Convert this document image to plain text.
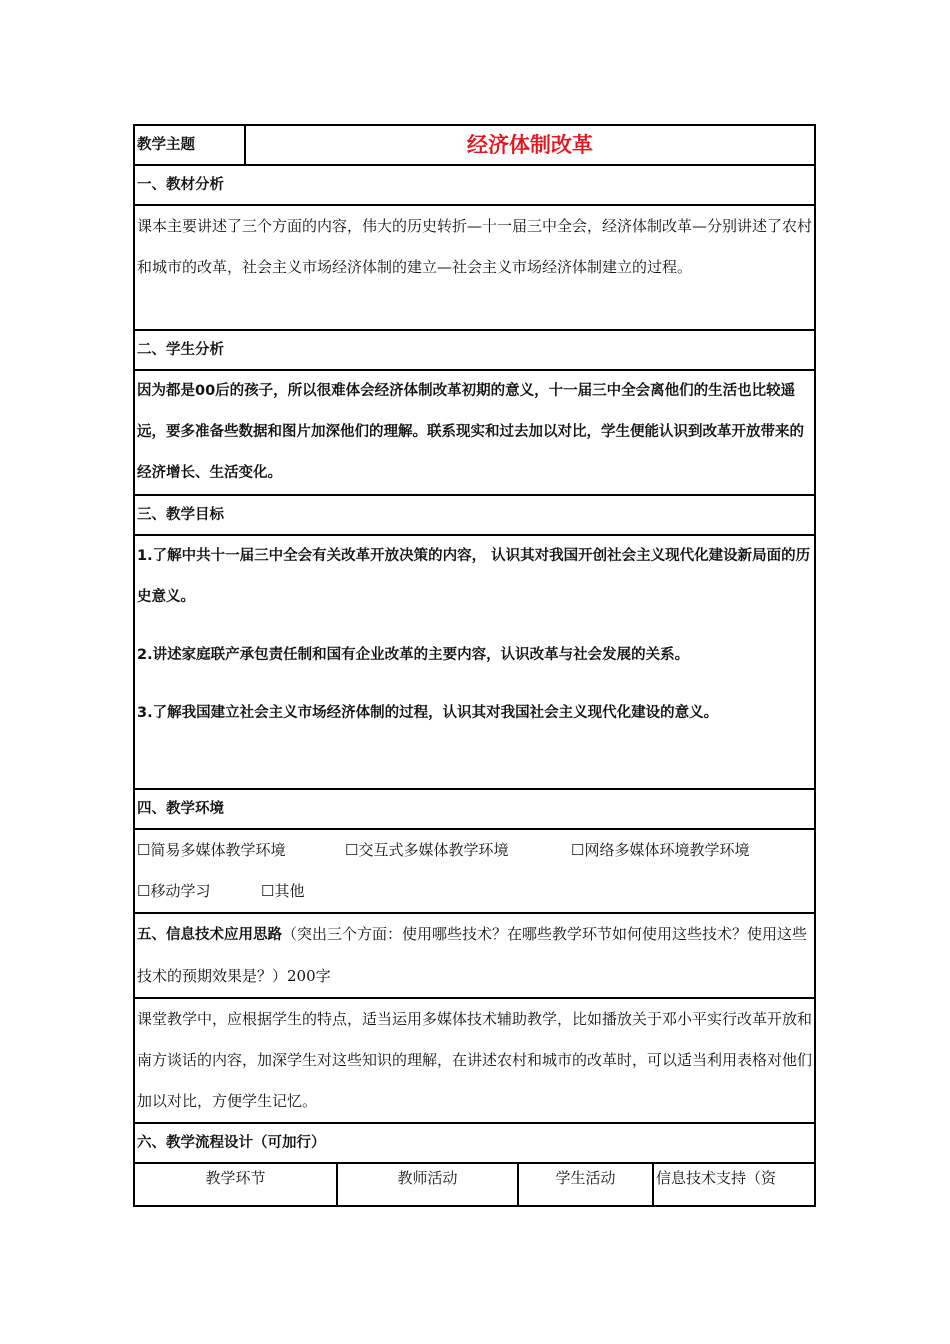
教学主题	经济体制改革			
一、教材分析				
课本主要讲述了三个方面的内容，伟大的历史转折—十一届三中全会，经济体制改革—分别讲述了农村和城市的改革，社会主义市场经济体制的建立—社会主义市场经济体制建立的过程。				
二、学生分析				
因为都是00后的孩子，所以很难体会经济体制改革初期的意义，十一届三中全会离他们的生活也比较遥远，要多准备些数据和图片加深他们的理解。联系现实和过去加以对比，学生便能认识到改革开放带来的经济增长、生活变化。				
三、教学目标				

1.了解中共十一届三中全会有关改革开放决策的内容， 认识其对我国开创社会主义现代化建设新局面的历史意义。
2.讲述家庭联产承包责任制和国有企业改革的主要内容，认识改革与社会发展的关系。
3.了解我国建立社会主义市场经济体制的过程，认识其对我国社会主义现代化建设的意义。				

四、教学环境				

☐简易多媒体教学环境 ☐交互式多媒体教学环境 ☐网络多媒体环境教学环境
☐移动学习 ☐其他				

五、信息技术应用思路（突出三个方面：使用哪些技术？在哪些教学环节如何使用这些技术？使用这些技术的预期效果是？）200字				
课堂教学中，应根据学生的特点，适当运用多媒体技术辅助教学，比如播放关于邓小平实行改革开放和南方谈话的内容，加深学生对这些知识的理解，在讲述农村和城市的改革时，可以适当利用表格对他们加以对比，方便学生记忆。				
六、教学流程设计（可加行）				
教学环节		教师活动	学生活动	信息技术支持（资
